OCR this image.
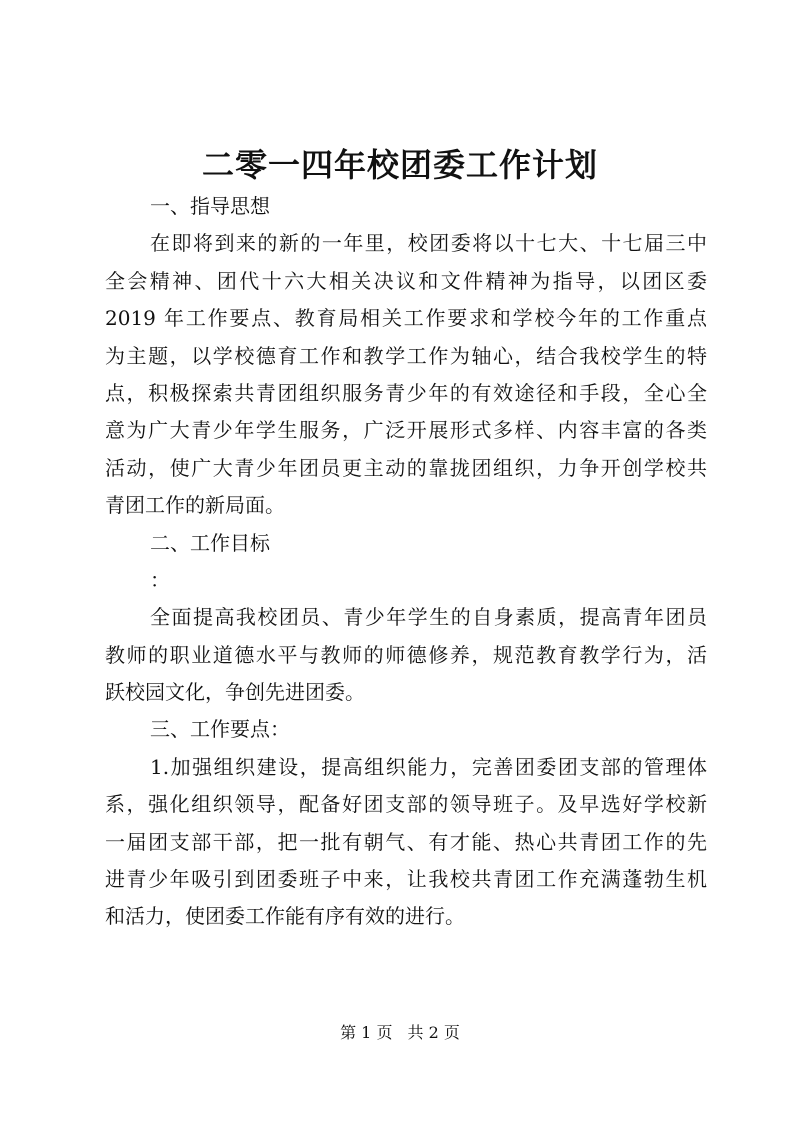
二零一四年校团委工作计划
一、指导思想
在即将到来的新的一年里，校团委将以十七大、十七届三中
全会精神、团代十六大相关决议和文件精神为指导，以团区委
2019 年工作要点、教育局相关工作要求和学校今年的工作重点
为主题，以学校德育工作和教学工作为轴心，结合我校学生的特
点，积极探索共青团组织服务青少年的有效途径和手段，全心全
意为广大青少年学生服务，广泛开展形式多样、内容丰富的各类
活动，使广大青少年团员更主动的靠拢团组织，力争开创学校共
青团工作的新局面。
二、工作目标
：
全面提高我校团员、青少年学生的自身素质，提高青年团员
教师的职业道德水平与教师的师德修养，规范教育教学行为，活
跃校园文化，争创先进团委。
三、工作要点：
1.加强组织建设，提高组织能力，完善团委团支部的管理体
系，强化组织领导，配备好团支部的领导班子。及早选好学校新
一届团支部干部，把一批有朝气、有才能、热心共青团工作的先
进青少年吸引到团委班子中来，让我校共青团工作充满蓬勃生机
和活力，使团委工作能有序有效的进行。
第 1 页 共 2 页
